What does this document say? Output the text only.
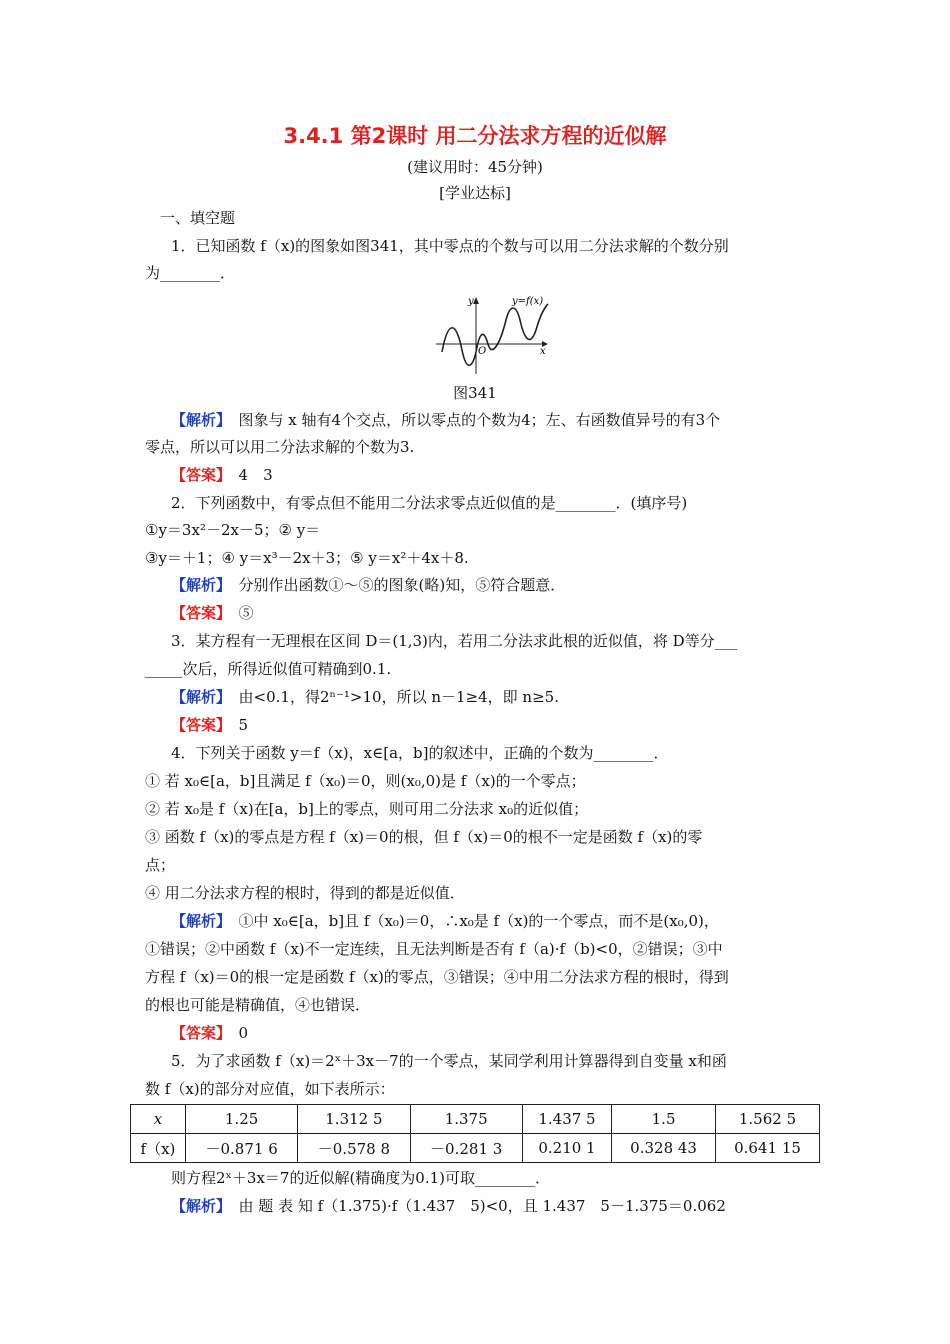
3.4.1 第2课时 用二分法求方程的近似解
(建议用时：45分钟)
[学业达标]
一、填空题
1．已知函数 f（x)的图象如图341，其中零点的个数与可以用二分法求解的个数分别
为________．
y	y=f(x)
O	x
图341
【解析】　 图象与 x 轴有4个交点，所以零点的个数为4；左、右函数值异号的有3个
零点，所以可以用二分法求解的个数为3.
【答案】　 4　3
2．下列函数中，有零点但不能用二分法求零点近似值的是________．(填序号)
①y＝3x²－2x－5；② y＝
③y＝＋1；④ y＝x³－2x＋3；⑤ y＝x²＋4x＋8.
【解析】　 分别作出函数①～⑤的图象(略)知，⑤符合题意．
【答案】　 ⑤
3．某方程有一无理根在区间 D＝(1,3)内，若用二分法求此根的近似值，将 D等分___
_____次后，所得近似值可精确到0.1.
【解析】　 由<0.1，得2ⁿ⁻¹>10，所以 n－1≥4，即 n≥5.
【答案】　 5
4．下列关于函数 y＝f（x)，x∈[a，b]的叙述中，正确的个数为________．
① 若 x₀∈[a，b]且满足 f（x₀)＝0，则(x₀,0)是 f（x)的一个零点；
② 若 x₀是 f（x)在[a，b]上的零点，则可用二分法求 x₀的近似值；
③ 函数 f（x)的零点是方程 f（x)＝0的根，但 f（x)＝0的根不一定是函数 f（x)的零
点；
④ 用二分法求方程的根时，得到的都是近似值．
【解析】　 ①中 x₀∈[a，b]且 f（x₀)＝0，∴x₀是 f（x)的一个零点，而不是(x₀,0)，
①错误；②中函数 f（x)不一定连续，且无法判断是否有 f（a)·f（b)<0，②错误；③中
方程 f（x)＝0的根一定是函数 f（x)的零点，③错误；④中用二分法求方程的根时，得到
的根也可能是精确值，④也错误．
【答案】　 0
5．为了求函数 f（x)＝2ˣ＋3x－7的一个零点，某同学利用计算器得到自变量 x和函
数 f（x)的部分对应值，如下表所示：
x	1.25	1.312 5	1.375	1.437 5	1.5	1.562 5
f（x)	－0.871 6	－0.578 8	－0.281 3	0.210 1	0.328 43	0.641 15
则方程2ˣ＋3x＝7的近似解(精确度为0.1)可取________．
【解析】　 由 题 表 知 f（1.375)·f（1.437　5)<0，且 1.437　5－1.375＝0.062
